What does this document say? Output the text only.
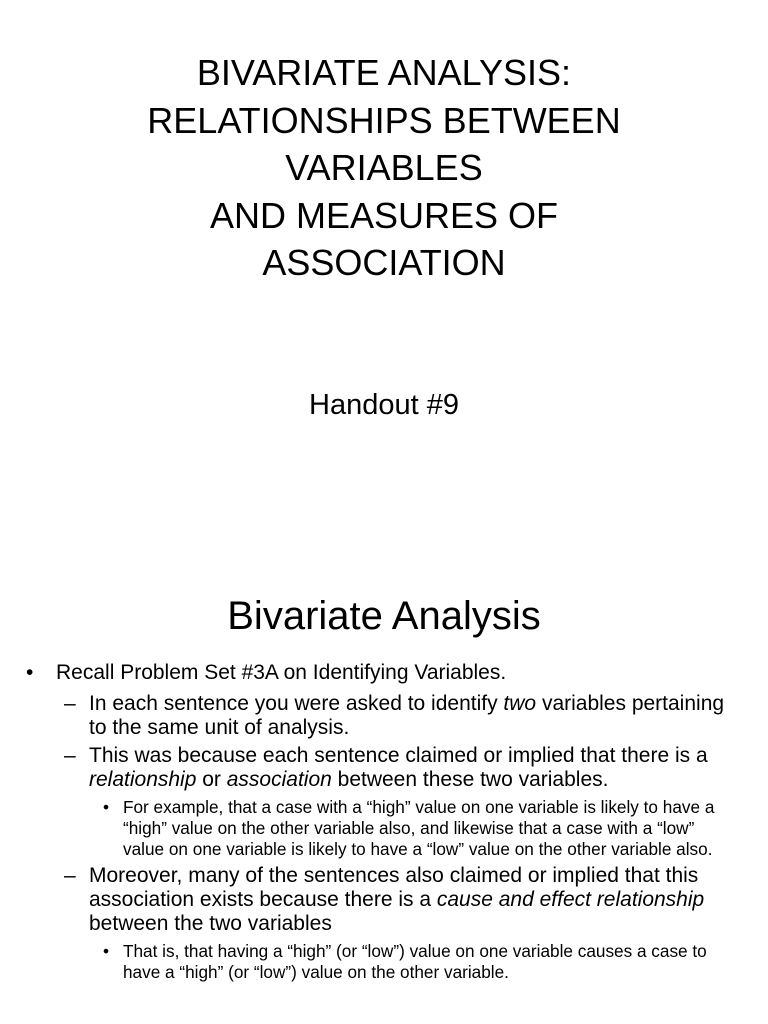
BIVARIATE ANALYSIS:
RELATIONSHIPS BETWEEN
VARIABLES
AND MEASURES OF
ASSOCIATION
Handout #9
Bivariate Analysis
• Recall Problem Set #3A on Identifying Variables.
– In each sentence you were asked to identify two variables pertaining to the same unit of analysis.
– This was because each sentence claimed or implied that there is a relationship or association between these two variables.
• For example, that a case with a “high” value on one variable is likely to have a “high” value on the other variable also, and likewise that a case with a “low” value on one variable is likely to have a “low” value on the other variable also.
– Moreover, many of the sentences also claimed or implied that this association exists because there is a cause and effect relationship between the two variables
• That is, that having a “high” (or “low”) value on one variable causes a case to have a “high” (or “low”) value on the other variable.
